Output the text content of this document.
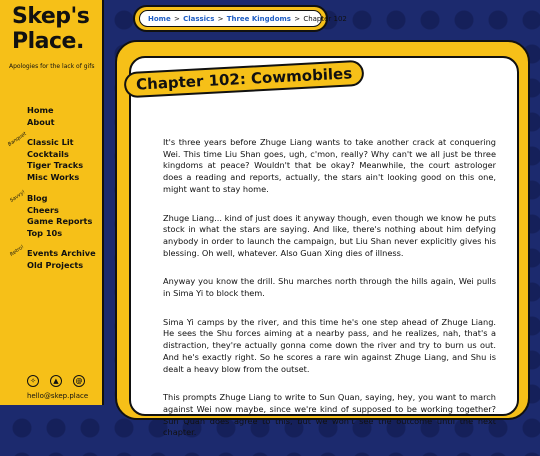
Skep's
Place.
Apologies for the lack of gifs
Home
About
Banquet Classic Lit
Cocktails
Tiger Tracks
Misc Works
Savvy! Blog
Cheers
Game Reports
Top 10s
Retro! Events Archive
Old Projects
✧	▲	@
hello@skep.place
Home > Classics > Three Kingdoms > Chapter 102
Chapter 102: Cowmobiles

It's three years before Zhuge Liang wants to take another crack at conquering Wei. This time Liu Shan goes, ugh, c'mon, really? Why can't we all just be three kingdoms at peace? Wouldn't that be okay? Meanwhile, the court astrologer does a reading and reports, actually, the stars ain't looking good on this one, might want to stay home.

Zhuge Liang... kind of just does it anyway though, even though we know he puts stock in what the stars are saying. And like, there's nothing about him defying anybody in order to launch the campaign, but Liu Shan never explicitly gives his blessing. Oh well, whatever. Also Guan Xing dies of illness.

Anyway you know the drill. Shu marches north through the hills again, Wei pulls in Sima Yi to block them.

Sima Yi camps by the river, and this time he's one step ahead of Zhuge Liang. He sees the Shu forces aiming at a nearby pass, and he realizes, nah, that's a distraction, they're actually gonna come down the river and try to burn us out. And he's exactly right. So he scores a rare win against Zhuge Liang, and Shu is dealt a heavy blow from the outset.

This prompts Zhuge Liang to write to Sun Quan, saying, hey, you want to march against Wei now maybe, since we're kind of supposed to be working together? Sun Quan does agree to this, but we won't see the outcome until the next chapter.
